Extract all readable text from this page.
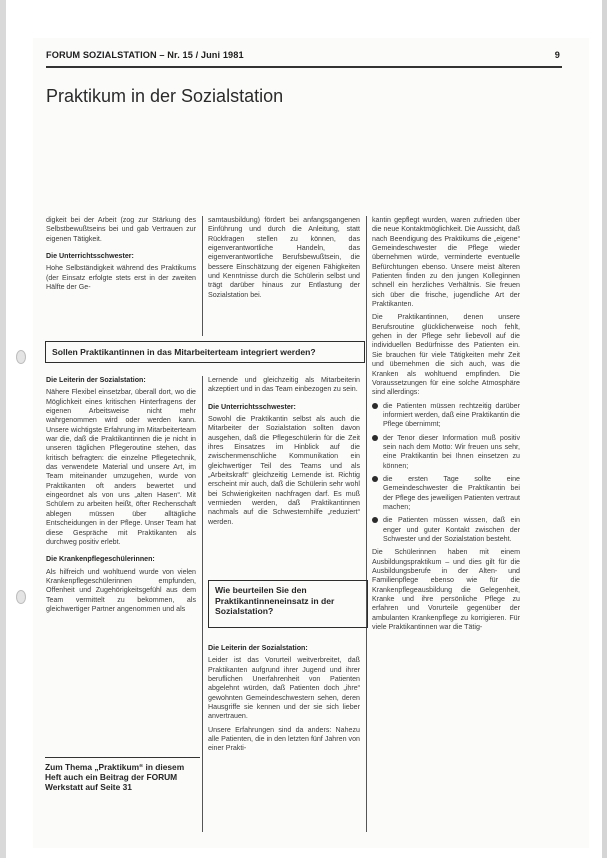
FORUM SOZIALSTATION – Nr. 15 / Juni 1981	9
Praktikum in der Sozialstation

digkeit bei der Arbeit (zog zur Stärkung des Selbstbewußtseins bei und gab Vertrauen zur eigenen Tätigkeit.

Die Unterrichtsschwester:

Hohe Selbständigkeit während des Praktikums (der Einsatz erfolgte stets erst in der zweiten Hälfte der Ge-

samtausbildung) fördert bei anfangsgangenen Einführung und durch die Anleitung, statt Rückfragen stellen zu können, das eigenverantwortliche Handeln, das eigenverantwortliche Berufsbewußtsein, die bessere Einschätzung der eigenen Fähigkeiten und Kenntnisse durch die Schülerin selbst und trägt darüber hinaus zur Entlastung der Sozialstation bei.

Sollen Praktikantinnen in das Mitarbeiterteam integriert werden?
Die Leiterin der Sozialstation:

Nähere Flexibel einsetzbar, überall dort, wo die Möglichkeit eines kritischen Hinterfragens der eigenen Arbeitsweise nicht mehr wahrgenommen wird oder werden kann. Unsere wichtigste Erfahrung im Mitarbeiterteam war die, daß die Praktikantinnen die je nicht in unseren täglichen Pflegeroutine stehen, das kritisch befragten: die einzelne Pflegetechnik, das verwendete Material und unsere Art, im Team miteinander umzugehen, wurde von Praktikanten oft anders bewertet und eingeordnet als von uns „alten Hasen“. Mit Schülern zu arbeiten heißt, öfter Rechenschaft ablegen müssen über alltägliche Entscheidungen in der Pflege. Unser Team hat diese Gespräche mit Praktikanten als durchweg positiv erlebt.

Die Krankenpflegeschülerinnen:

Als hilfreich und wohltuend wurde von vielen Krankenpflegeschülerinnen empfunden, Offenheit und Zugehörigkeitsgefühl aus dem Team vermittelt zu bekommen, als gleichwertiger Partner angenommen und als

Lernende und gleichzeitig als Mitarbeiterin akzeptiert und in das Team einbezogen zu sein.

Die Unterrichtsschwester:

Sowohl die Praktikantin selbst als auch die Mitarbeiter der Sozialstation sollten davon ausgehen, daß die Pflegeschülerin für die Zeit ihres Einsatzes im Hinblick auf die zwischenmenschliche Kommunikation ein gleichwertiger Teil des Teams und als „Arbeitskraft“ gleichzeitig Lernende ist. Richtig erscheint mir auch, daß die Schülerin sehr wohl bei Schwierigkeiten nachfragen darf. Es muß vermieden werden, daß Praktikantinnen nachmals auf die Schwesternhilfe „reduziert“ werden.

Wie beurteilen Sie den Praktikantinneneinsatz in der Sozialstation?
Die Leiterin der Sozialstation:

Leider ist das Vorurteil weitverbreitet, daß Praktikanten aufgrund ihrer Jugend und ihrer beruflichen Unerfahrenheit von Patienten abgelehnt würden, daß Patienten doch „ihre“ gewohnten Gemeindeschwestern sehen, deren Hausgriffe sie kennen und der sie sich lieber anvertrauen.

Unsere Erfahrungen sind da anders: Nahezu alle Patienten, die in den letzten fünf Jahren von einer Prakti-

kantin gepflegt wurden, waren zufrieden über die neue Kontaktmöglichkeit. Die Aussicht, daß nach Beendigung des Praktikums die „eigene“ Gemeindeschwester die Pflege wieder übernehmen würde, verminderte eventuelle Befürchtungen ebenso. Unsere meist älteren Patienten finden zu den jungen Kolleginnen schnell ein herzliches Verhältnis. Sie freuen sich über die frische, jugendliche Art der Praktikanten.

Die Praktikantinnen, denen unsere Berufsroutine glücklicherweise noch fehlt, gehen in der Pflege sehr liebevoll auf die individuellen Bedürfnisse des Patienten ein. Sie brauchen für viele Tätigkeiten mehr Zeit und übernehmen die sich auch, was die Kranken als wohltuend empfinden. Die Voraussetzungen für eine solche Atmosphäre sind allerdings:

die Patienten müssen rechtzeitig darüber informiert werden, daß eine Praktikantin die Pflege übernimmt;
der Tenor dieser Information muß positiv sein nach dem Motto: Wir freuen uns sehr, eine Praktikantin bei Ihnen einsetzen zu können;
die ersten Tage sollte eine Gemeindeschwester die Praktikantin bei der Pflege des jeweiligen Patienten vertraut machen;
die Patienten müssen wissen, daß ein enger und guter Kontakt zwischen der Schwester und der Sozialstation besteht.

Die Schülerinnen haben mit einem Ausbildungspraktikum – und dies gilt für die Ausbildungsberufe in der Alten- und Familienpflege ebenso wie für die Krankenpflegeausbildung die Gelegenheit, Kranke und ihre persönliche Pflege zu erfahren und Vorurteile gegenüber der ambulanten Krankenpflege zu korrigieren. Für viele Praktikantinnen war die Tätig-

Zum Thema „Praktikum“ in diesem Heft auch ein Beitrag der FORUM Werkstatt auf Seite 31
